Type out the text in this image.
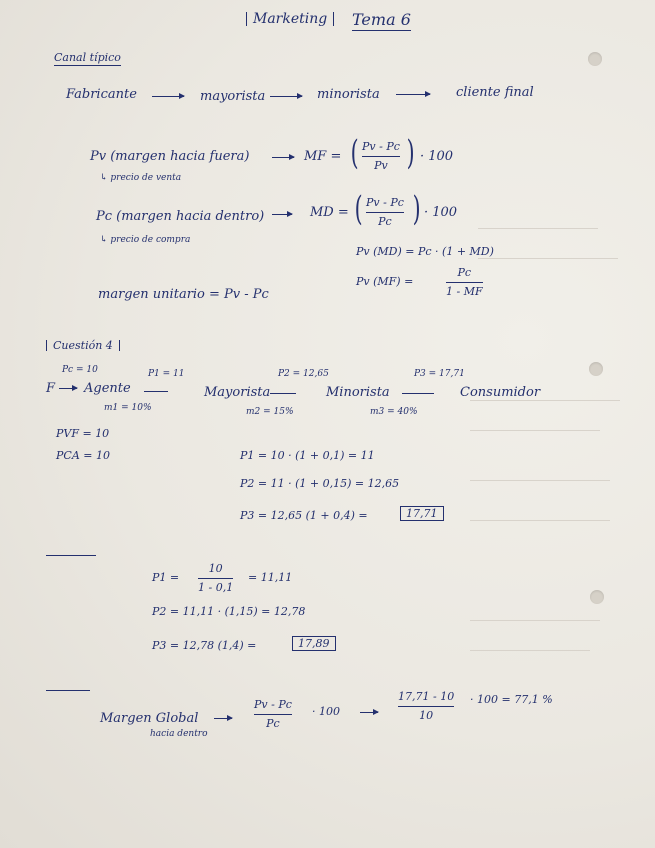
Marketing	Tema 6
Canal típico
Fabricante	mayorista	minorista	cliente final
Pv (margen hacia fuera)	MF = ( Pv - Pc
Pv ) · 100
↳ precio de venta
Pc (margen hacia dentro)	MD = ( Pv - Pc
Pc ) · 100
↳ precio de compra
Pv (MD) = Pc · (1 + MD)
Pv (MF) =
Pc
1 - MF
margen unitario = Pv - Pc
Cuestión 4
Pc = 10	P1 = 11	P2 = 12,65	P3 = 17,71
F Agente	Mayorista	Minorista	Consumidor
m1 = 10%	m2 = 15%	m3 = 40%
PVF = 10
PCA = 10	P1 = 10 · (1 + 0,1) = 11
P2 = 11 · (1 + 0,15) = 12,65
P3 = 12,65 (1 + 0,4) =	17,71
P1 =
10
1 - 0,1
= 11,11
P2 = 11,11 · (1,15) = 12,78
P3 = 12,78 (1,4) =	17,89
Margen Global
hacia dentro
Pv - Pc
Pc
· 100
17,71 - 10
10
· 100 = 77,1 %
